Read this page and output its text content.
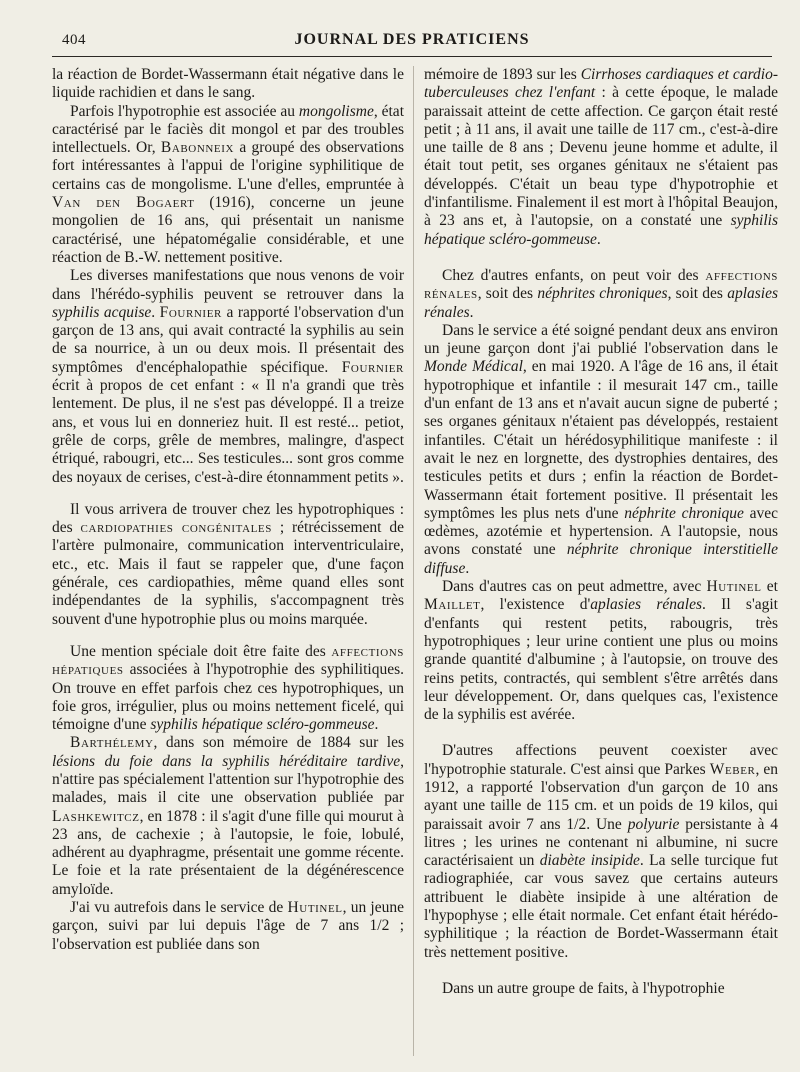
404	JOURNAL DES PRATICIENS

la réaction de Bordet-Wassermann était négative dans le liquide rachidien et dans le sang.

Parfois l'hypotrophie est associée au mongolisme, état caractérisé par le faciès dit mongol et par des troubles intellectuels. Or, Babonneix a groupé des observations fort intéressantes à l'appui de l'origine syphilitique de certains cas de mongolisme. L'une d'elles, empruntée à Van den Bogaert (1916), concerne un jeune mongolien de 16 ans, qui présentait un nanisme caractérisé, une hépatomégalie considérable, et une réaction de B.-W. nettement positive.

Les diverses manifestations que nous venons de voir dans l'hérédo-syphilis peuvent se retrouver dans la syphilis acquise. Fournier a rapporté l'observation d'un garçon de 13 ans, qui avait contracté la syphilis au sein de sa nourrice, à un ou deux mois. Il présentait des symptômes d'encéphalopathie spécifique. Fournier écrit à propos de cet enfant : « Il n'a grandi que très lentement. De plus, il ne s'est pas développé. Il a treize ans, et vous lui en donneriez huit. Il est resté... petiot, grêle de corps, grêle de membres, malingre, d'aspect étriqué, rabougri, etc... Ses testicules... sont gros comme des noyaux de cerises, c'est-à-dire étonnamment petits ».

Il vous arrivera de trouver chez les hypotrophiques : des cardiopathies congénitales ; rétrécissement de l'artère pulmonaire, communication interventriculaire, etc., etc. Mais il faut se rappeler que, d'une façon générale, ces cardiopathies, même quand elles sont indépendantes de la syphilis, s'accompagnent très souvent d'une hypotrophie plus ou moins marquée.

Une mention spéciale doit être faite des affections hépatiques associées à l'hypotrophie des syphilitiques. On trouve en effet parfois chez ces hypotrophiques, un foie gros, irrégulier, plus ou moins nettement ficelé, qui témoigne d'une syphilis hépatique scléro-gommeuse.

Barthélemy, dans son mémoire de 1884 sur les lésions du foie dans la syphilis héréditaire tardive, n'attire pas spécialement l'attention sur l'hypotrophie des malades, mais il cite une observation publiée par Lashkewitcz, en 1878 : il s'agit d'une fille qui mourut à 23 ans, de cachexie ; à l'autopsie, le foie, lobulé, adhérent au dyaphragme, présentait une gomme récente. Le foie et la rate présentaient de la dégénérescence amyloïde.

J'ai vu autrefois dans le service de Hutinel, un jeune garçon, suivi par lui depuis l'âge de 7 ans 1/2 ; l'observation est publiée dans son

mémoire de 1893 sur les Cirrhoses cardiaques et cardio-tuberculeuses chez l'enfant : à cette époque, le malade paraissait atteint de cette affection. Ce garçon était resté petit ; à 11 ans, il avait une taille de 117 cm., c'est-à-dire une taille de 8 ans ; Devenu jeune homme et adulte, il était tout petit, ses organes génitaux ne s'étaient pas développés. C'était un beau type d'hypotrophie et d'infantilisme. Finalement il est mort à l'hôpital Beaujon, à 23 ans et, à l'autopsie, on a constaté une syphilis hépatique scléro-gommeuse.

Chez d'autres enfants, on peut voir des affections rénales, soit des néphrites chroniques, soit des aplasies rénales.

Dans le service a été soigné pendant deux ans environ un jeune garçon dont j'ai publié l'observation dans le Monde Médical, en mai 1920. A l'âge de 16 ans, il était hypotrophique et infantile : il mesurait 147 cm., taille d'un enfant de 13 ans et n'avait aucun signe de puberté ; ses organes génitaux n'étaient pas développés, restaient infantiles. C'était un hérédosyphilitique manifeste : il avait le nez en lorgnette, des dystrophies dentaires, des testicules petits et durs ; enfin la réaction de Bordet-Wassermann était fortement positive. Il présentait les symptômes les plus nets d'une néphrite chronique avec œdèmes, azotémie et hypertension. A l'autopsie, nous avons constaté une néphrite chronique interstitielle diffuse.

Dans d'autres cas on peut admettre, avec Hutinel et Maillet, l'existence d'aplasies rénales. Il s'agit d'enfants qui restent petits, rabougris, très hypotrophiques ; leur urine contient une plus ou moins grande quantité d'albumine ; à l'autopsie, on trouve des reins petits, contractés, qui semblent s'être arrêtés dans leur développement. Or, dans quelques cas, l'existence de la syphilis est avérée.

D'autres affections peuvent coexister avec l'hypotrophie staturale. C'est ainsi que Parkes Weber, en 1912, a rapporté l'observation d'un garçon de 10 ans ayant une taille de 115 cm. et un poids de 19 kilos, qui paraissait avoir 7 ans 1/2. Une polyurie persistante à 4 litres ; les urines ne contenant ni albumine, ni sucre caractérisaient un diabète insipide. La selle turcique fut radiographiée, car vous savez que certains auteurs attribuent le diabète insipide à une altération de l'hypophyse ; elle était normale. Cet enfant était hérédo-syphilitique ; la réaction de Bordet-Wassermann était très nettement positive.

Dans un autre groupe de faits, à l'hypotrophie
